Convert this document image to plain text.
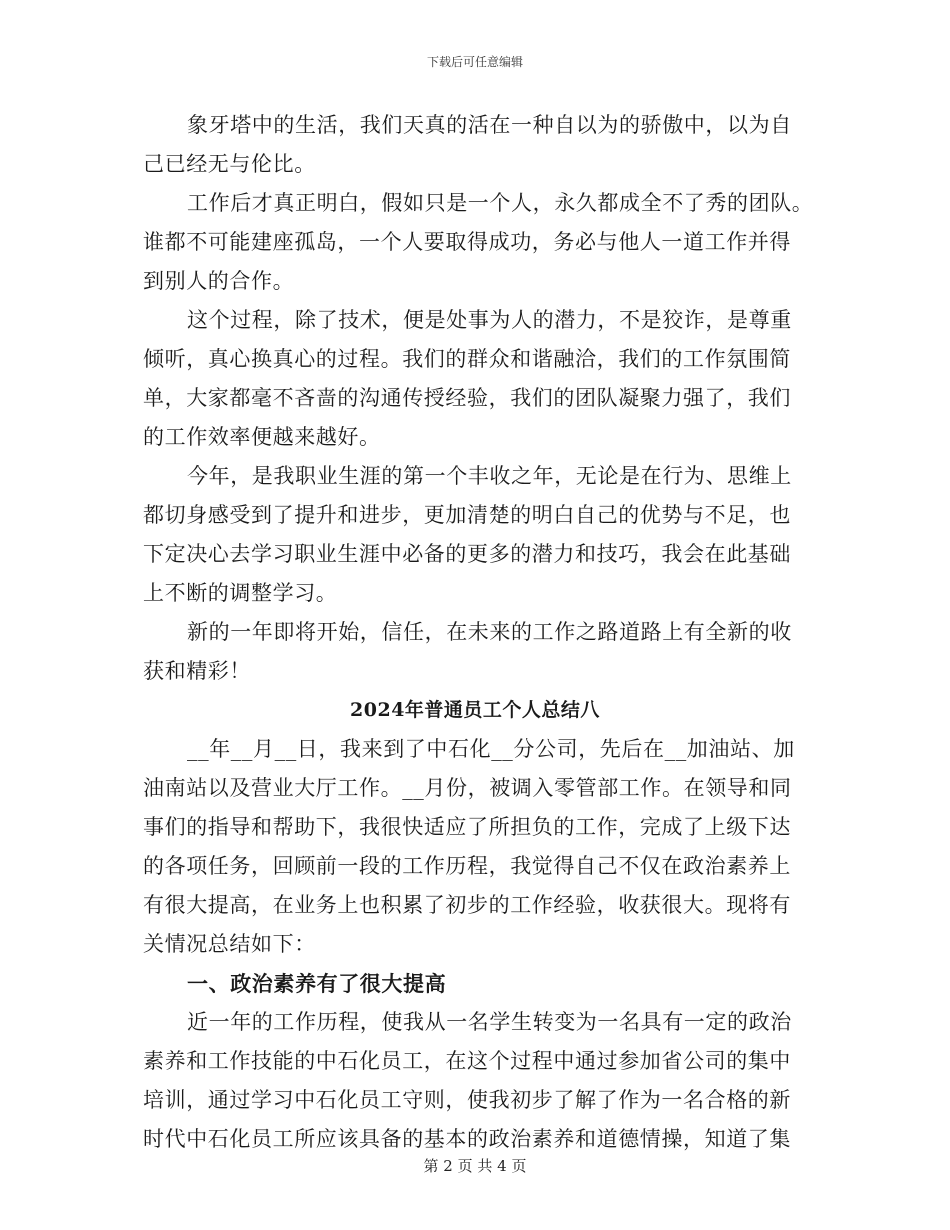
下载后可任意编辑
象牙塔中的生活，我们天真的活在一种自以为的骄傲中，以为自
己已经无与伦比。
工作后才真正明白，假如只是一个人，永久都成全不了秀的团队。
谁都不可能建座孤岛，一个人要取得成功，务必与他人一道工作并得
到别人的合作。
这个过程，除了技术，便是处事为人的潜力，不是狡诈，是尊重
倾听，真心换真心的过程。我们的群众和谐融洽，我们的工作氛围简
单，大家都毫不吝啬的沟通传授经验，我们的团队凝聚力强了，我们
的工作效率便越来越好。
今年，是我职业生涯的第一个丰收之年，无论是在行为、思维上
都切身感受到了提升和进步，更加清楚的明白自己的优势与不足，也
下定决心去学习职业生涯中必备的更多的潜力和技巧，我会在此基础
上不断的调整学习。
新的一年即将开始，信任，在未来的工作之路道路上有全新的收
获和精彩！
2024年普通员工个人总结八
__年__月__日，我来到了中石化__分公司，先后在__加油站、加
油南站以及营业大厅工作。__月份，被调入零管部工作。在领导和同
事们的指导和帮助下，我很快适应了所担负的工作，完成了上级下达
的各项任务，回顾前一段的工作历程，我觉得自己不仅在政治素养上
有很大提高，在业务上也积累了初步的工作经验，收获很大。现将有
关情况总结如下：
一、政治素养有了很大提高
近一年的工作历程，使我从一名学生转变为一名具有一定的政治
素养和工作技能的中石化员工，在这个过程中通过参加省公司的集中
培训，通过学习中石化员工守则，使我初步了解了作为一名合格的新
时代中石化员工所应该具备的基本的政治素养和道德情操，知道了集
第 2 页 共 4 页
